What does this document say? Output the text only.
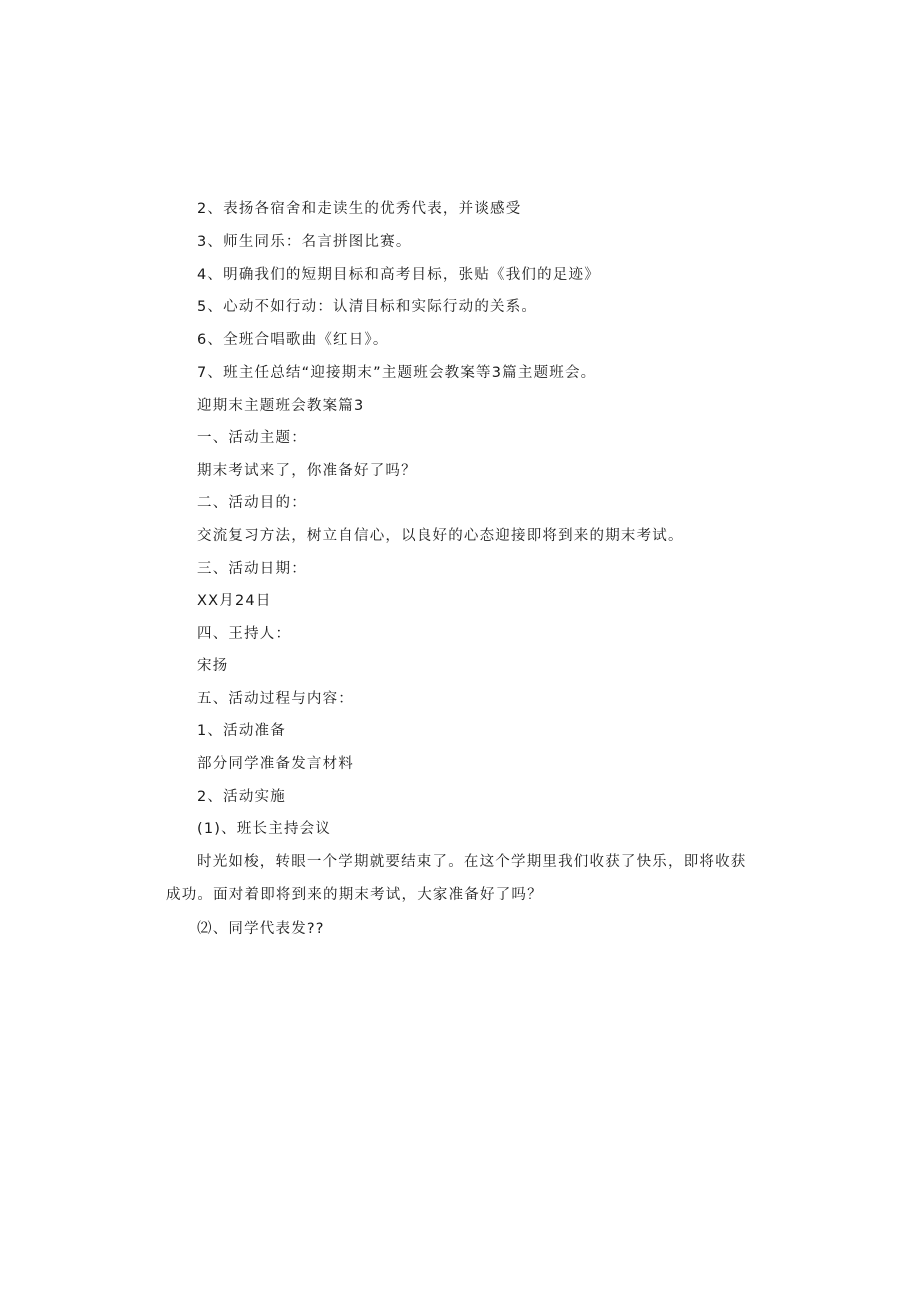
2、表扬各宿舍和走读生的优秀代表，并谈感受
3、师生同乐：名言拼图比赛。
4、明确我们的短期目标和高考目标，张贴《我们的足迹》
5、心动不如行动：认清目标和实际行动的关系。
6、全班合唱歌曲《红日》。
7、班主任总结“迎接期末”主题班会教案等3篇主题班会。
迎期末主题班会教案篇3
一、活动主题：
期末考试来了，你准备好了吗？
二、活动目的：
交流复习方法，树立自信心，以良好的心态迎接即将到来的期末考试。
三、活动日期：
XX月24日
四、王持人：
宋扬
五、活动过程与内容：
1、活动准备
部分同学准备发言材料
2、活动实施
(1)、班长主持会议
时光如梭，转眼一个学期就要结束了。在这个学期里我们收获了快乐，即将收获
成功。面对着即将到来的期末考试，大家准备好了吗？
⑵、同学代表发??
